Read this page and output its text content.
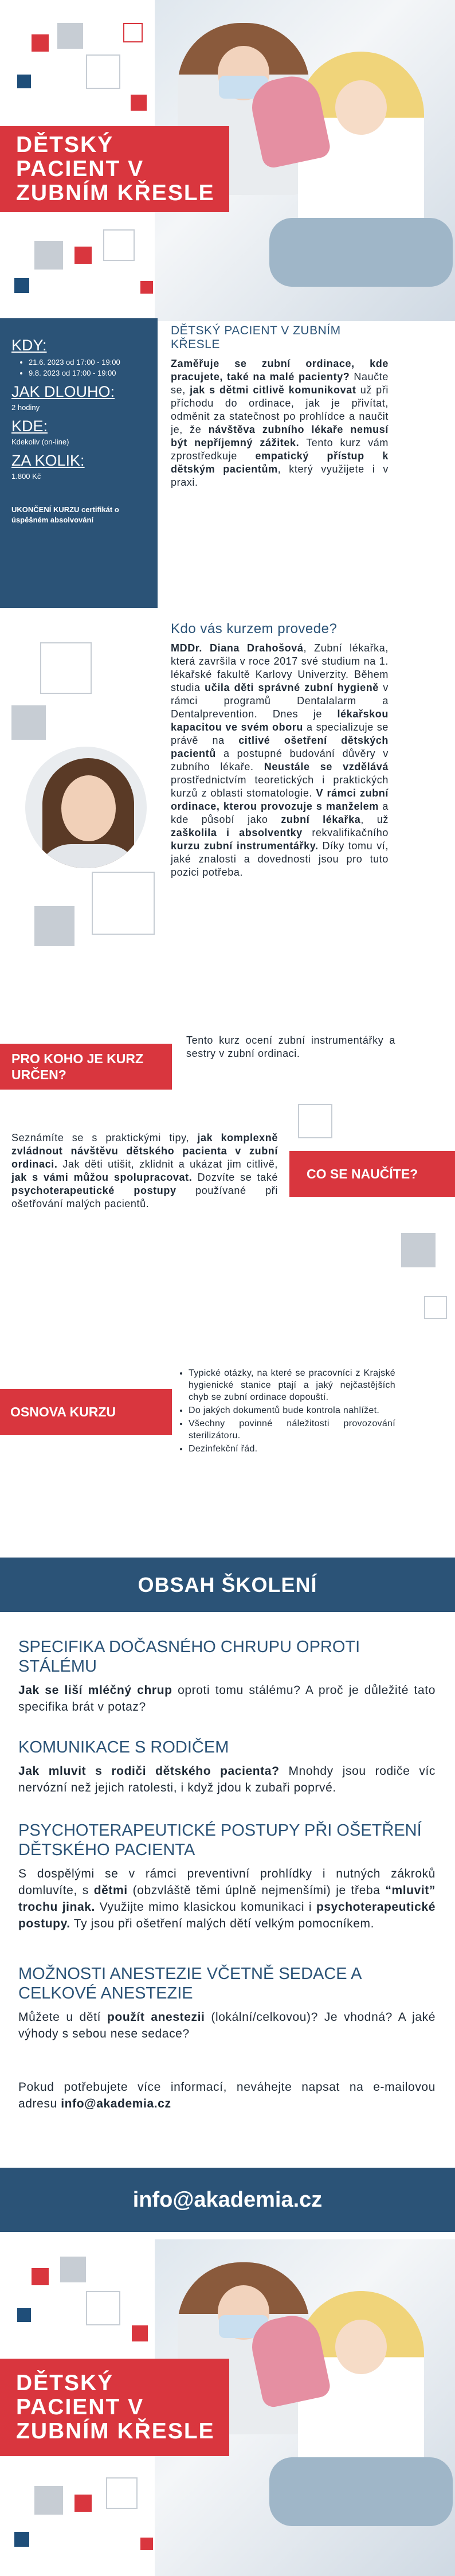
DĚTSKÝ
PACIENT V
ZUBNÍM KŘESLE
KDY:
• 21.6. 2023 od 17:00 - 19:00
• 9.8. 2023 od 17:00 - 19:00
JAK DLOUHO:
2 hodiny
KDE:
Kdekoliv (on-line)
ZA KOLIK:
1.800 Kč
UKONČENÍ KURZU certifikát o úspěšném absolvování
DĚTSKÝ PACIENT V ZUBNÍM KŘESLE

Zaměřuje se zubní ordinace, kde pracujete, také na malé pacienty? Naučte se, jak s dětmi citlivě komunikovat už při příchodu do ordinace, jak je přivítat, odměnit za statečnost po prohlídce a naučit je, že návštěva zubního lékaře nemusí být nepříjemný zážitek. Tento kurz vám zprostředkuje empatický přístup k dětským pacientům, který využijete i v praxi.

Kdo vás kurzem provede?

MDDr. Diana Drahošová, Zubní lékařka, která završila v roce 2017 své studium na 1. lékařské fakultě Karlovy Univerzity. Během studia učila děti správné zubní hygieně v rámci programů Dentalalarm a Dentalprevention. Dnes je lékařskou kapacitou ve svém oboru a specializuje se právě na citlivé ošetření dětských pacientů a postupné budování důvěry v zubního lékaře. Neustále se vzdělává prostřednictvím teoretických i praktických kurzů z oblasti stomatologie. V rámci zubní ordinace, kterou provozuje s manželem a kde působí jako zubní lékařka, už zaškolila i absolventky rekvalifikačního kurzu zubní instrumentářky. Díky tomu ví, jaké znalosti a dovednosti jsou pro tuto pozici potřeba.

PRO KOHO JE KURZ URČEN?
Tento kurz ocení zubní instrumentářky a sestry v zubní ordinaci.
Seznámíte se s praktickými tipy, jak komplexně zvládnout návštěvu dětského pacienta v zubní ordinaci. Jak děti utišit, zklidnit a ukázat jim citlivě, jak s vámi můžou spolupracovat. Dozvíte se také psychoterapeutické postupy používané při ošetřování malých pacientů.
CO SE NAUČÍTE?
OSNOVA KURZU
• Typické otázky, na které se pracovníci z Krajské hygienické stanice ptají a jaký nejčastějších chyb se zubní ordinace dopouští.
• Do jakých dokumentů bude kontrola nahlížet.
• Všechny povinné náležitosti provozování sterilizátoru.
• Dezinfekční řád.
OBSAH ŠKOLENÍ
SPECIFIKA DOČASNÉHO CHRUPU OPROTI STÁLÉMU

Jak se liší mléčný chrup oproti tomu stálému? A proč je důležité tato specifika brát v potaz?

KOMUNIKACE S RODIČEM

Jak mluvit s rodiči dětského pacienta? Mnohdy jsou rodiče víc nervózní než jejich ratolesti, i když jdou k zubaři poprvé.

PSYCHOTERAPEUTICKÉ POSTUPY PŘI OŠETŘENÍ DĚTSKÉHO PACIENTA

S dospělými se v rámci preventivní prohlídky i nutných zákroků domluvíte, s dětmi (obzvláště těmi úplně nejmenšími) je třeba “mluvit” trochu jinak. Využijte mimo klasickou komunikaci i psychoterapeutické postupy. Ty jsou při ošetření malých dětí velkým pomocníkem.

MOŽNOSTI ANESTEZIE VČETNĚ SEDACE A CELKOVÉ ANESTEZIE

Můžete u dětí použít anestezii (lokální/celkovou)? Je vhodná? A jaké výhody s sebou nese sedace?

Pokud potřebujete více informací, neváhejte napsat na e-mailovou adresu info@akademia.cz

info@akademia.cz
DĚTSKÝ
PACIENT V
ZUBNÍM KŘESLE
